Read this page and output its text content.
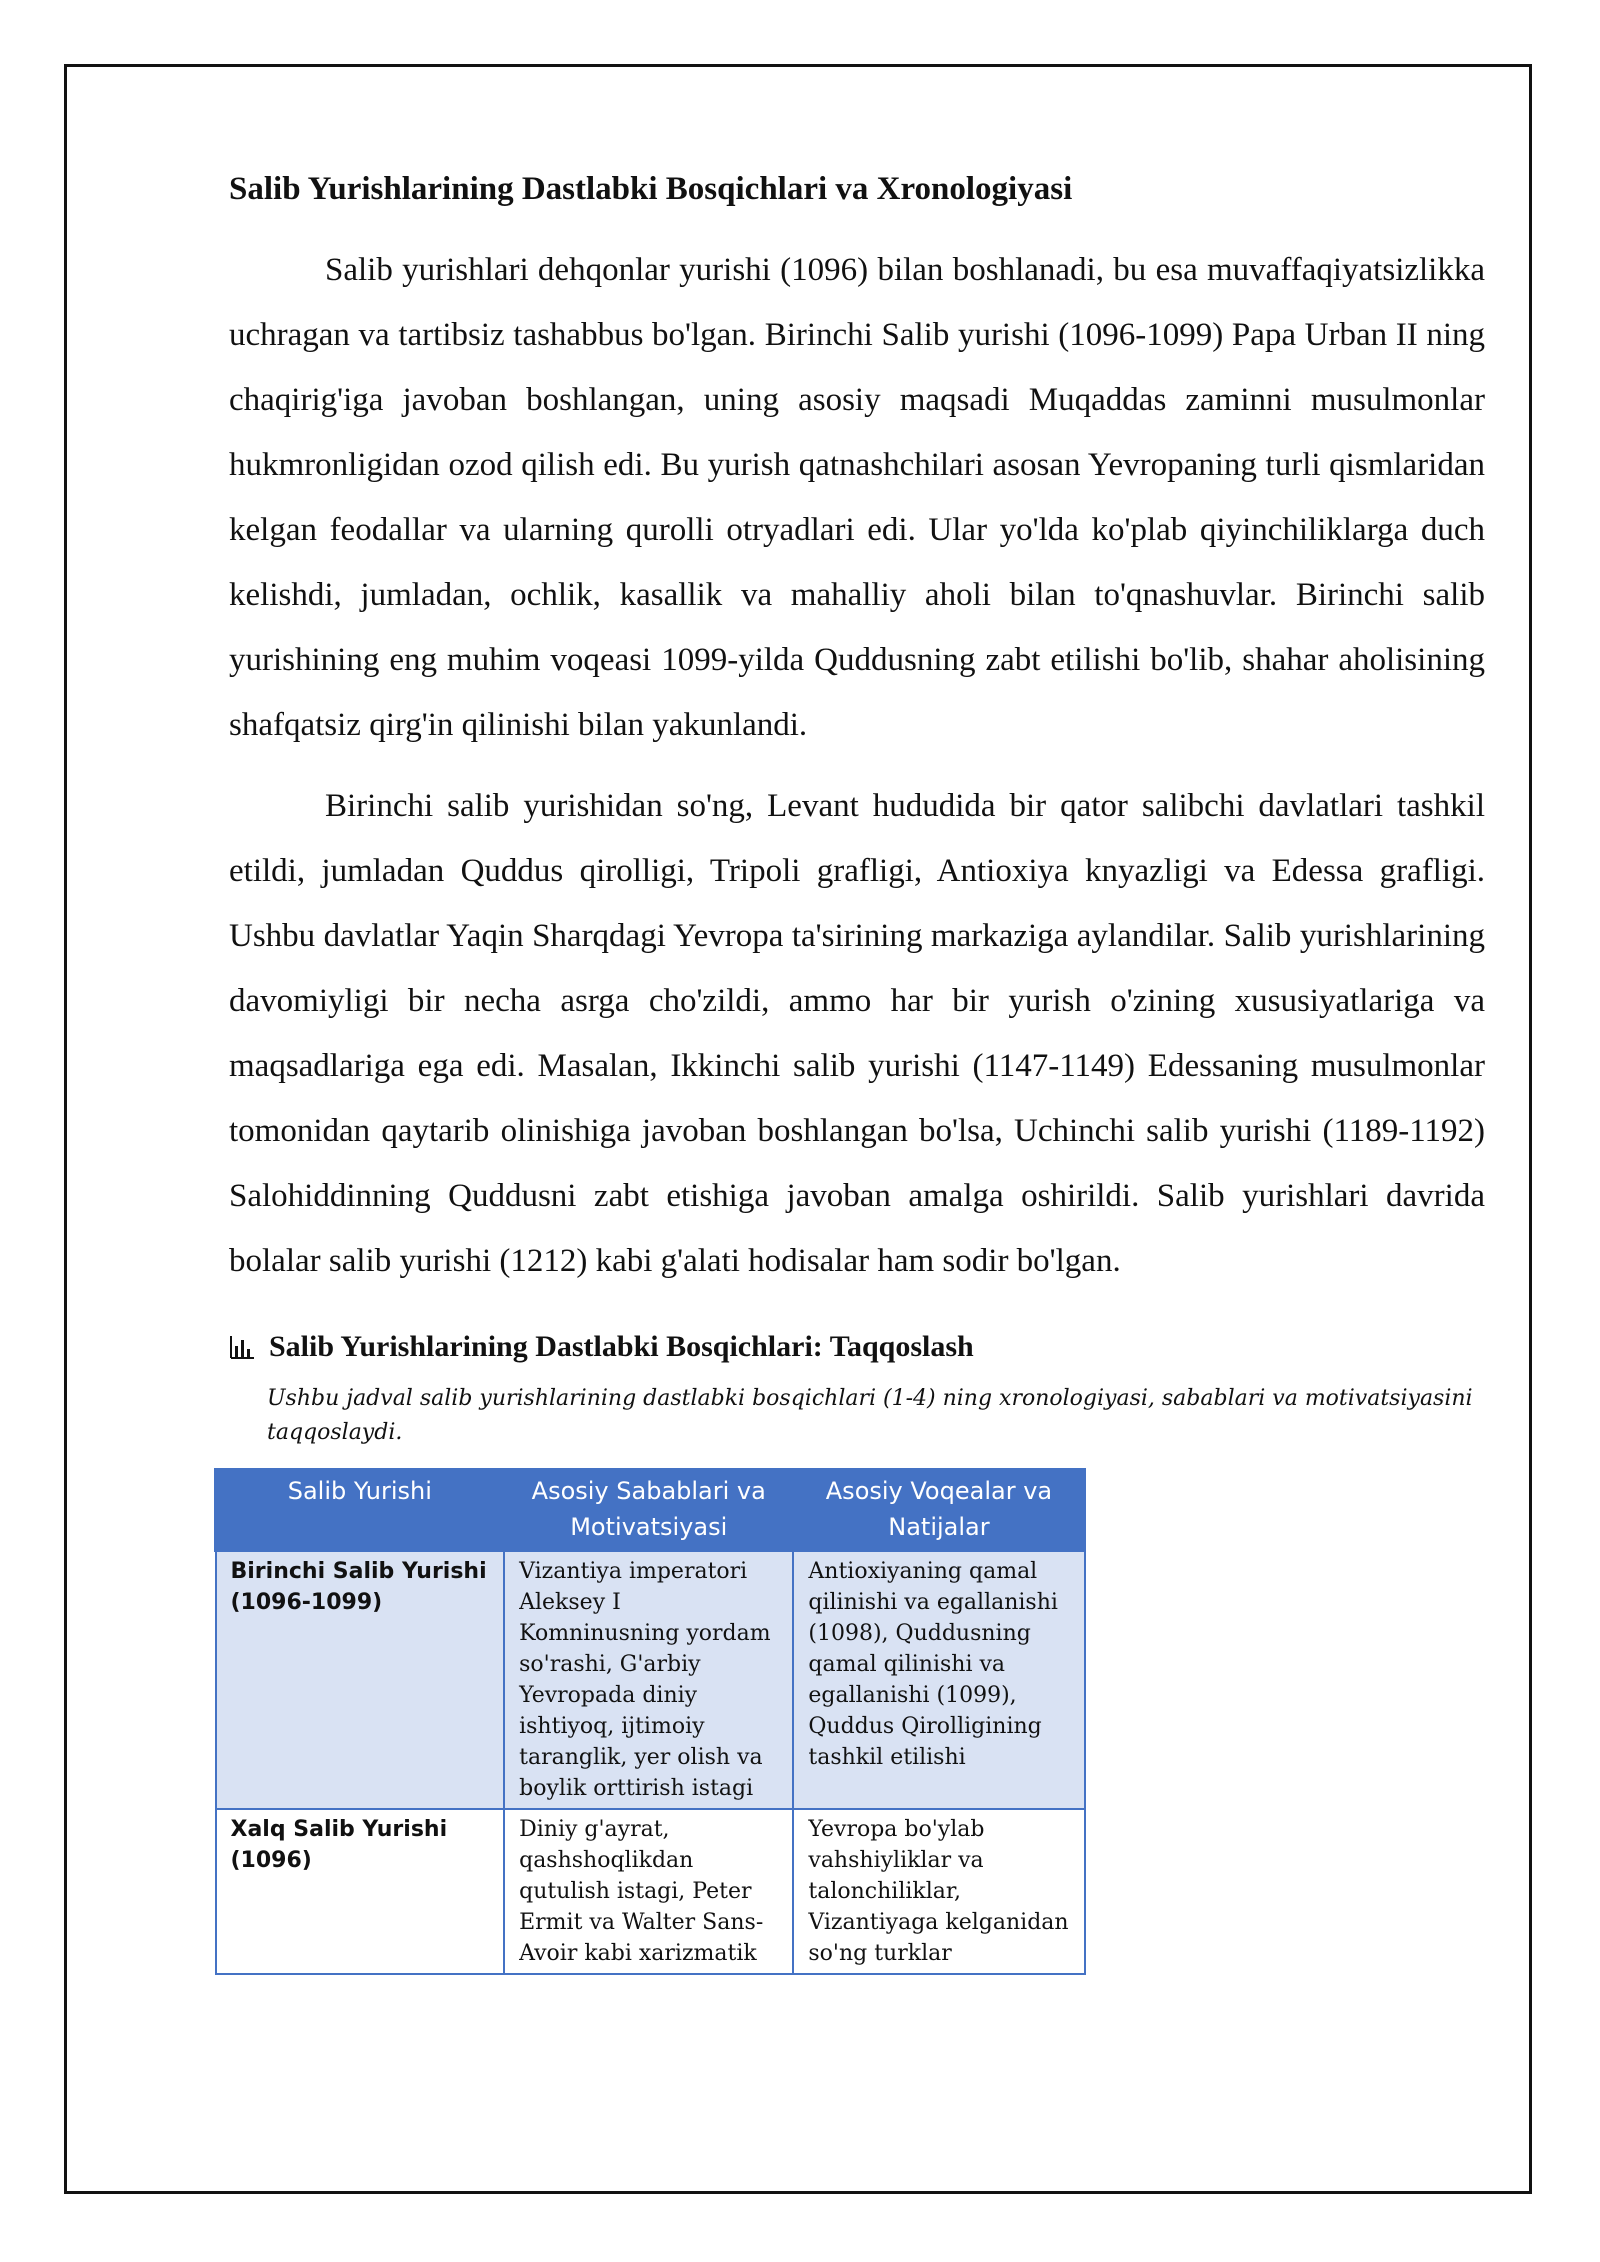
Salib Yurishlarining Dastlabki Bosqichlari va Xronologiyasi

Salib yurishlari dehqonlar yurishi (1096) bilan boshlanadi, bu esa muvaffaqiyatsizlikka uchragan va tartibsiz tashabbus bo'lgan. Birinchi Salib yurishi (1096-1099) Papa Urban II ning chaqirig'iga javoban boshlangan, uning asosiy maqsadi Muqaddas zaminni musulmonlar hukmronligidan ozod qilish edi. Bu yurish qatnashchilari asosan Yevropaning turli qismlaridan kelgan feodallar va ularning qurolli otryadlari edi. Ular yo'lda ko'plab qiyinchiliklarga duch kelishdi, jumladan, ochlik, kasallik va mahalliy aholi bilan to'qnashuvlar. Birinchi salib yurishining eng muhim voqeasi 1099-yilda Quddusning zabt etilishi bo'lib, shahar aholisining shafqatsiz qirg'in qilinishi bilan yakunlandi.

Birinchi salib yurishidan so'ng, Levant hududida bir qator salibchi davlatlari tashkil etildi, jumladan Quddus qirolligi, Tripoli grafligi, Antioxiya knyazligi va Edessa grafligi. Ushbu davlatlar Yaqin Sharqdagi Yevropa ta'sirining markaziga aylandilar. Salib yurishlarining davomiyligi bir necha asrga cho'zildi, ammo har bir yurish o'zining xususiyatlariga va maqsadlariga ega edi. Masalan, Ikkinchi salib yurishi (1147-1149) Edessaning musulmonlar tomonidan qaytarib olinishiga javoban boshlangan bo'lsa, Uchinchi salib yurishi (1189-1192) Salohiddinning Quddusni zabt etishiga javoban amalga oshirildi. Salib yurishlari davrida bolalar salib yurishi (1212) kabi g'alati hodisalar ham sodir bo'lgan.

Salib Yurishlarining Dastlabki Bosqichlari: Taqqoslash
Ushbu jadval salib yurishlarining dastlabki bosqichlari (1-4) ning xronologiyasi, sabablari va motivatsiyasini taqqoslaydi.
Salib Yurishi	Asosiy Sabablari va Motivatsiyasi	Asosiy Voqealar va Natijalar
Birinchi Salib Yurishi (1096-1099)	Vizantiya imperatori Aleksey I Komninusning yordam so'rashi, G'arbiy Yevropada diniy ishtiyoq, ijtimoiy taranglik, yer olish va boylik orttirish istagi	Antioxiyaning qamal qilinishi va egallanishi (1098), Quddusning qamal qilinishi va egallanishi (1099), Quddus Qirolligining tashkil etilishi
Xalq Salib Yurishi (1096)	Diniy g'ayrat, qashshoqlikdan qutulish istagi, Peter Ermit va Walter Sans-Avoir kabi xarizmatik	Yevropa bo'ylab vahshiyliklar va talonchiliklar, Vizantiyaga kelganidan so'ng turklar
